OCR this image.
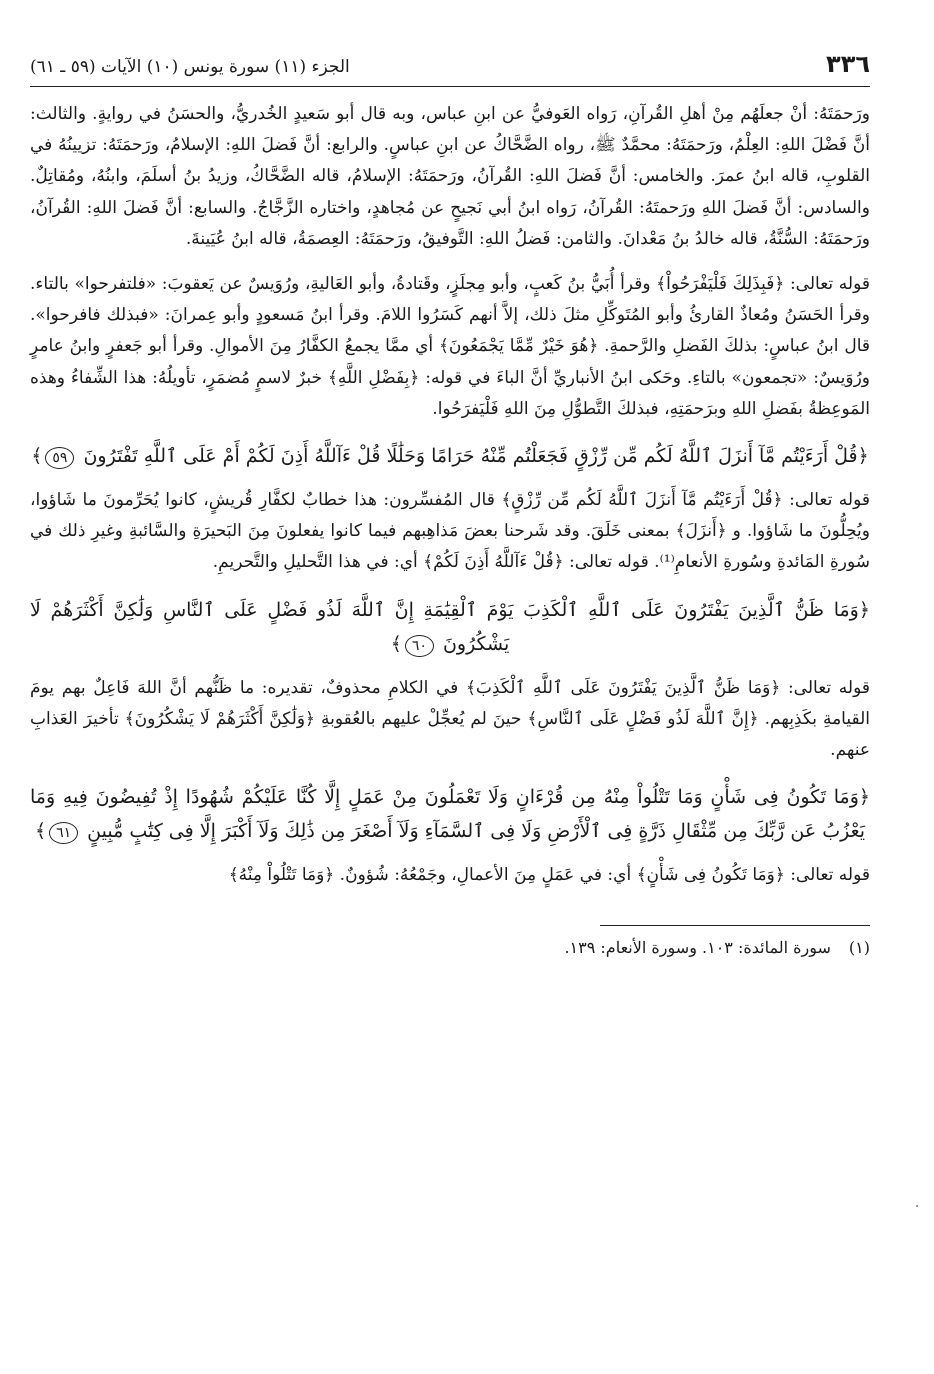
٣٣٦
الجزء (١١) سورة يونس (١٠) الآيات (٥٩ ـ ٦١)

ورَحمَتَهُ: أنْ جعلَهُم مِنْ أهلِ القُرآنِ، رَواه العَوفيُّ عن ابنِ عباس، وبه قال أبو سَعيدٍ الخُدريُّ، والحسَنُ في روايةٍ. والثالث: أنَّ فَضْلَ اللهِ: العِلْمُ، ورَحمَتَهُ: محمَّدٌ ﷺ، رواه الضَّحَّاكُ عن ابنِ عباسٍ. والرابع: أنَّ فَضلَ اللهِ: الإسلامُ، ورَحمَتَهُ: تزيينُهُ في القلوبِ، قاله ابنُ عمرَ. والخامس: أنَّ فَضلَ اللهِ: القُرآنُ، ورَحمَتَهُ: الإسلامُ، قاله الضَّحَّاكُ، وزيدُ بنُ أسلَمَ، وابنُهُ، ومُقاتِلٌ. والسادس: أنَّ فَضلَ اللهِ ورَحمتَهُ: القُرآنُ، رَواه ابنُ أبي نَجيحٍ عن مُجاهدٍ، واختاره الزَّجَّاجُ. والسابع: أنَّ فَضلَ اللهِ: القُرآنُ، ورَحمَتَهُ: السُّنَّةُ، قاله خالدُ بنُ مَعْدانَ. والثامن: فَضلُ اللهِ: التَّوفيقُ، ورَحمَتَهُ: العِصمَةُ، قاله ابنُ عُيَينةَ.

قوله تعالى: ﴿فَبِذَلِكَ فَلْيَفْرَحُواْ﴾ وقرأ أُبَيُّ بنُ كَعبٍ، وأبو مِجلَزٍ، وقَتادةُ، وأبو العَاليةِ، ورُوَيسٌ عن يَعقوبَ: «فلتفرحوا» بالتاء. وقرأ الحَسَنُ ومُعاذٌ القارئُ وأبو المُتَوكِّلِ مثلَ ذلك، إلاَّ أنهم كَسَرُوا اللامَ. وقرأ ابنُ مَسعودٍ وأبو عِمرانَ: «فبذلك فافرحوا». قال ابنُ عباسٍ: بذلكَ الفَضلِ والرَّحمةِ. ﴿هُوَ خَيْرٌ مِّمَّا يَجْمَعُونَ﴾ أي ممَّا يجمعُ الكفَّارُ مِنَ الأموالِ. وقرأ أبو جَعفرٍ وابنُ عامرٍ ورُوَيسٌ: «تجمعون» بالتاءِ. وحَكى ابنُ الأنباريِّ أنَّ الباءَ في قوله: ﴿بِفَضْلِ اللَّهِ﴾ خبرٌ لاسمٍ مُضمَرٍ، تأويلُهُ: هذا الشِّفاءُ وهذه المَوعِظةُ بفَضلِ اللهِ وبرَحمَتِهِ، فبذلكَ التَّطوُّلِ مِنَ اللهِ فَلْيَفرَحُوا.

﴿قُلْ أَرَءَيْتُم مَّآ أَنزَلَ ٱللَّهُ لَكُم مِّن رِّزْقٍ فَجَعَلْتُم مِّنْهُ حَرَامًا وَحَلَٰلًا قُلْ ءَآللَّهُ أَذِنَ لَكُمْ أَمْ عَلَى ٱللَّهِ تَفْتَرُونَ ٥٩﴾

قوله تعالى: ﴿قُلْ أَرَءَيْتُم مَّآ أَنزَلَ ٱللَّهُ لَكُم مِّن رِّزْقٍ﴾ قال المُفسِّرون: هذا خطابٌ لكفَّارِ قُريشٍ، كانوا يُحَرِّمونَ ما شَاؤوا، ويُحِلُّونَ ما شَاؤوا. و ﴿أَنزَلَ﴾ بمعنى خَلَقَ. وقد شَرحنا بعضَ مَذاهِبهم فيما كانوا يفعلونَ مِنَ البَحيرَةِ والسَّائبةِ وغيرِ ذلك في سُورةِ المَائدةِ وسُورةِ الأنعامِ⁽¹⁾. قوله تعالى: ﴿قُلْ ءَآللَّهُ أَذِنَ لَكُمْ﴾ أي: في هذا التَّحليلِ والتَّحريمِ.

﴿وَمَا ظَنُّ ٱلَّذِينَ يَفْتَرُونَ عَلَى ٱللَّهِ ٱلْكَذِبَ يَوْمَ ٱلْقِيَٰمَةِ إِنَّ ٱللَّهَ لَذُو فَضْلٍ عَلَى ٱلنَّاسِ وَلَٰكِنَّ أَكْثَرَهُمْ لَا يَشْكُرُونَ ٦٠﴾

قوله تعالى: ﴿وَمَا ظَنُّ ٱلَّذِينَ يَفْتَرُونَ عَلَى ٱللَّهِ ٱلْكَذِبَ﴾ في الكلامِ محذوفٌ، تقديره: ما ظَنُّهم أنَّ اللهَ فَاعِلٌ بهم يومَ القيامةِ بكَذِبِهم. ﴿إِنَّ ٱللَّهَ لَذُو فَضْلٍ عَلَى ٱلنَّاسِ﴾ حينَ لم يُعجِّلْ عليهم بالعُقوبةِ ﴿وَلَٰكِنَّ أَكْثَرَهُمْ لَا يَشْكُرُونَ﴾ تأخيرَ العَذابِ عنهم.

﴿وَمَا تَكُونُ فِى شَأْنٍ وَمَا تَتْلُواْ مِنْهُ مِن قُرْءَانٍ وَلَا تَعْمَلُونَ مِنْ عَمَلٍ إِلَّا كُنَّا عَلَيْكُمْ شُهُودًا إِذْ تُفِيضُونَ فِيهِ وَمَا يَعْزُبُ عَن رَّبِّكَ مِن مِّثْقَالِ ذَرَّةٍ فِى ٱلْأَرْضِ وَلَا فِى ٱلسَّمَآءِ وَلَآ أَصْغَرَ مِن ذَٰلِكَ وَلَآ أَكْبَرَ إِلَّا فِى كِتَٰبٍ مُّبِينٍ ٦١﴾

قوله تعالى: ﴿وَمَا تَكُونُ فِى شَأْنٍ﴾ أي: في عَمَلٍ مِنَ الأعمالِ، وجَمْعُهُ: شُؤونٌ. ﴿وَمَا تَتْلُواْ مِنْهُ﴾

(١)سورة المائدة: ١٠٣. وسورة الأنعام: ١٣٩.
